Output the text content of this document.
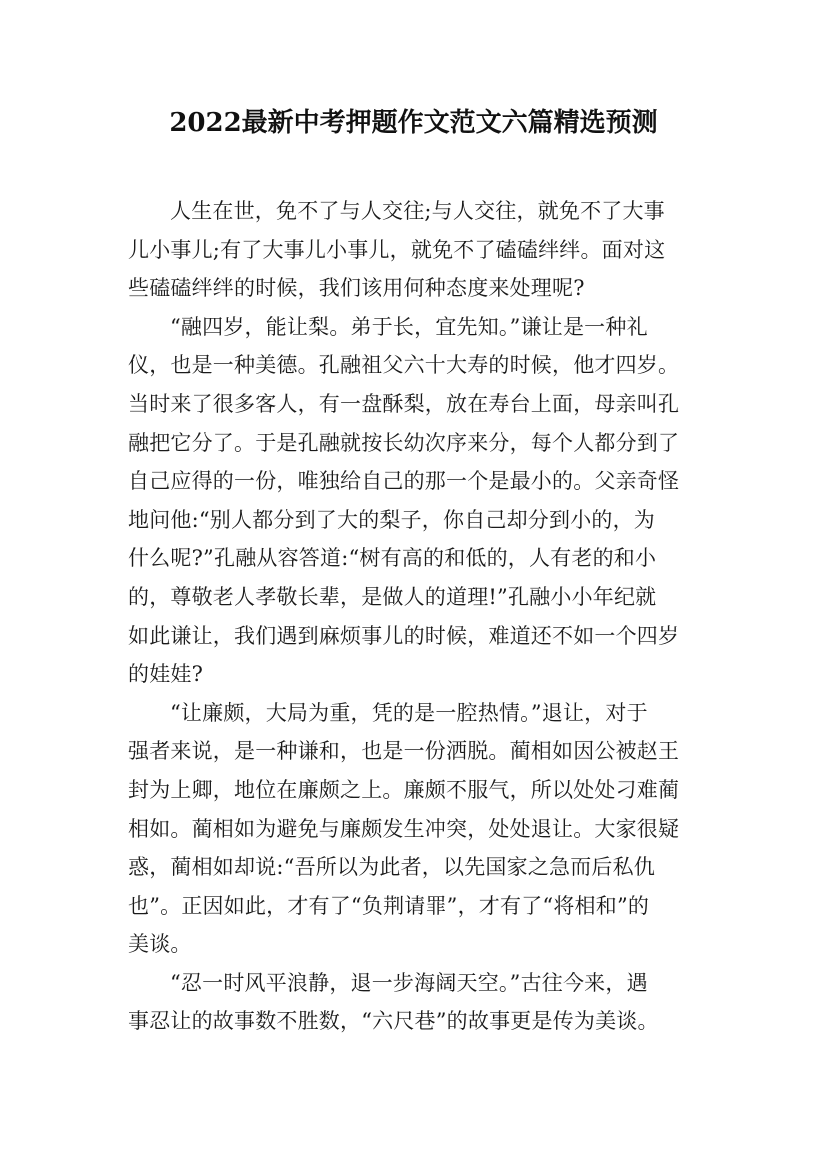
2022最新中考押题作文范文六篇精选预测
人生在世，免不了与人交往;与人交往，就免不了大事
儿小事儿;有了大事儿小事儿，就免不了磕磕绊绊。面对这
些磕磕绊绊的时候，我们该用何种态度来处理呢?
“融四岁，能让梨。弟于长，宜先知。”谦让是一种礼
仪，也是一种美德。孔融祖父六十大寿的时候，他才四岁。
当时来了很多客人，有一盘酥梨，放在寿台上面，母亲叫孔
融把它分了。于是孔融就按长幼次序来分，每个人都分到了
自己应得的一份，唯独给自己的那一个是最小的。父亲奇怪
地问他:“别人都分到了大的梨子，你自己却分到小的，为
什么呢?”孔融从容答道:“树有高的和低的，人有老的和小
的，尊敬老人孝敬长辈，是做人的道理!”孔融小小年纪就
如此谦让，我们遇到麻烦事儿的时候，难道还不如一个四岁
的娃娃?
“让廉颇，大局为重，凭的是一腔热情。”退让，对于
强者来说，是一种谦和，也是一份洒脱。蔺相如因公被赵王
封为上卿，地位在廉颇之上。廉颇不服气，所以处处刁难蔺
相如。蔺相如为避免与廉颇发生冲突，处处退让。大家很疑
惑，蔺相如却说:“吾所以为此者，以先国家之急而后私仇
也”。正因如此，才有了“负荆请罪”，才有了“将相和”的
美谈。
“忍一时风平浪静，退一步海阔天空。”古往今来，遇
事忍让的故事数不胜数，“六尺巷”的故事更是传为美谈。
